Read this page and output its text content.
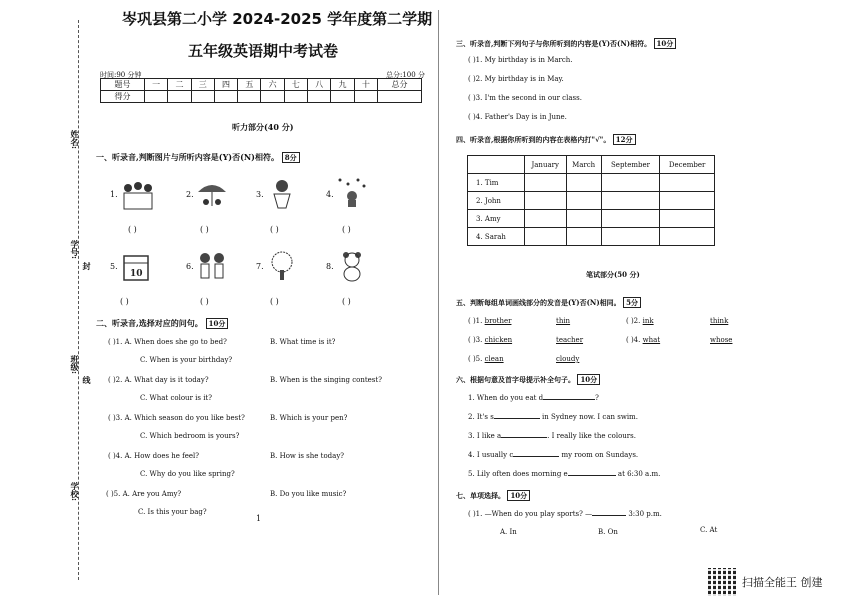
姓名:
学号:
封
班级:
线
学校:
岑巩县第二小学 2024-2025 学年度第二学期
五年级英语期中考试卷
时间:90 分钟	总分:100 分
题号	一	二	三	四	五	六	七	八	九	十	总分
得分											
听力部分(40 分)
一、听录音,判断图片与所听内容是(Y)否(N)相符。 8分
1.	2.	3.	4.
( )	( )	( )	( )
5.
10
6.	7.	8.
( )	( )	( )	( )
二、听录音,选择对应的问句。 10分
( )1. A. When does she go to bed?	B. What time is it?
C. When is your birthday?
( )2. A. What day is it today?	B. When is the singing contest?
C. What colour is it?
( )3. A. Which season do you like best?	B. Which is your pen?
C. Which bedroom is yours?
( )4. A. How does he feel?	B. How is she today?
C. Why do you like spring?
( )5. A. Are you Amy?	B. Do you like music?
C. Is this your bag?
1
三、听录音,判断下列句子与你所听到的内容是(Y)否(N)相符。 10分
( )1. My birthday is in March.
( )2. My birthday is in May.
( )3. I'm the second in our class.
( )4. Father's Day is in June.
四、听录音,根据你所听到的内容在表格内打"√"。 12分
	January	March	September	December
1. Tim				
2. John				
3. Amy				
4. Sarah				
笔试部分(50 分)
五、判断每组单词画线部分的发音是(Y)否(N)相同。 5分
( )1. brother	thin	( )2. ink	think
( )3. chicken	teacher	( )4. what	whose
( )5. clean	cloudy
六、根据句意及首字母提示补全句子。 10分
1. When do you eat d	?
2. It's s	in Sydney now. I can swim.
3. I like a	. I really like the colours.
4. I usually c	my room on Sundays.
5. Lily often does morning e	at 6:30 a.m.
七、单项选择。 10分
( )1. —When do you play sports? —	3:30 p.m.
A. In	B. On	C. At
扫描全能王 创建
